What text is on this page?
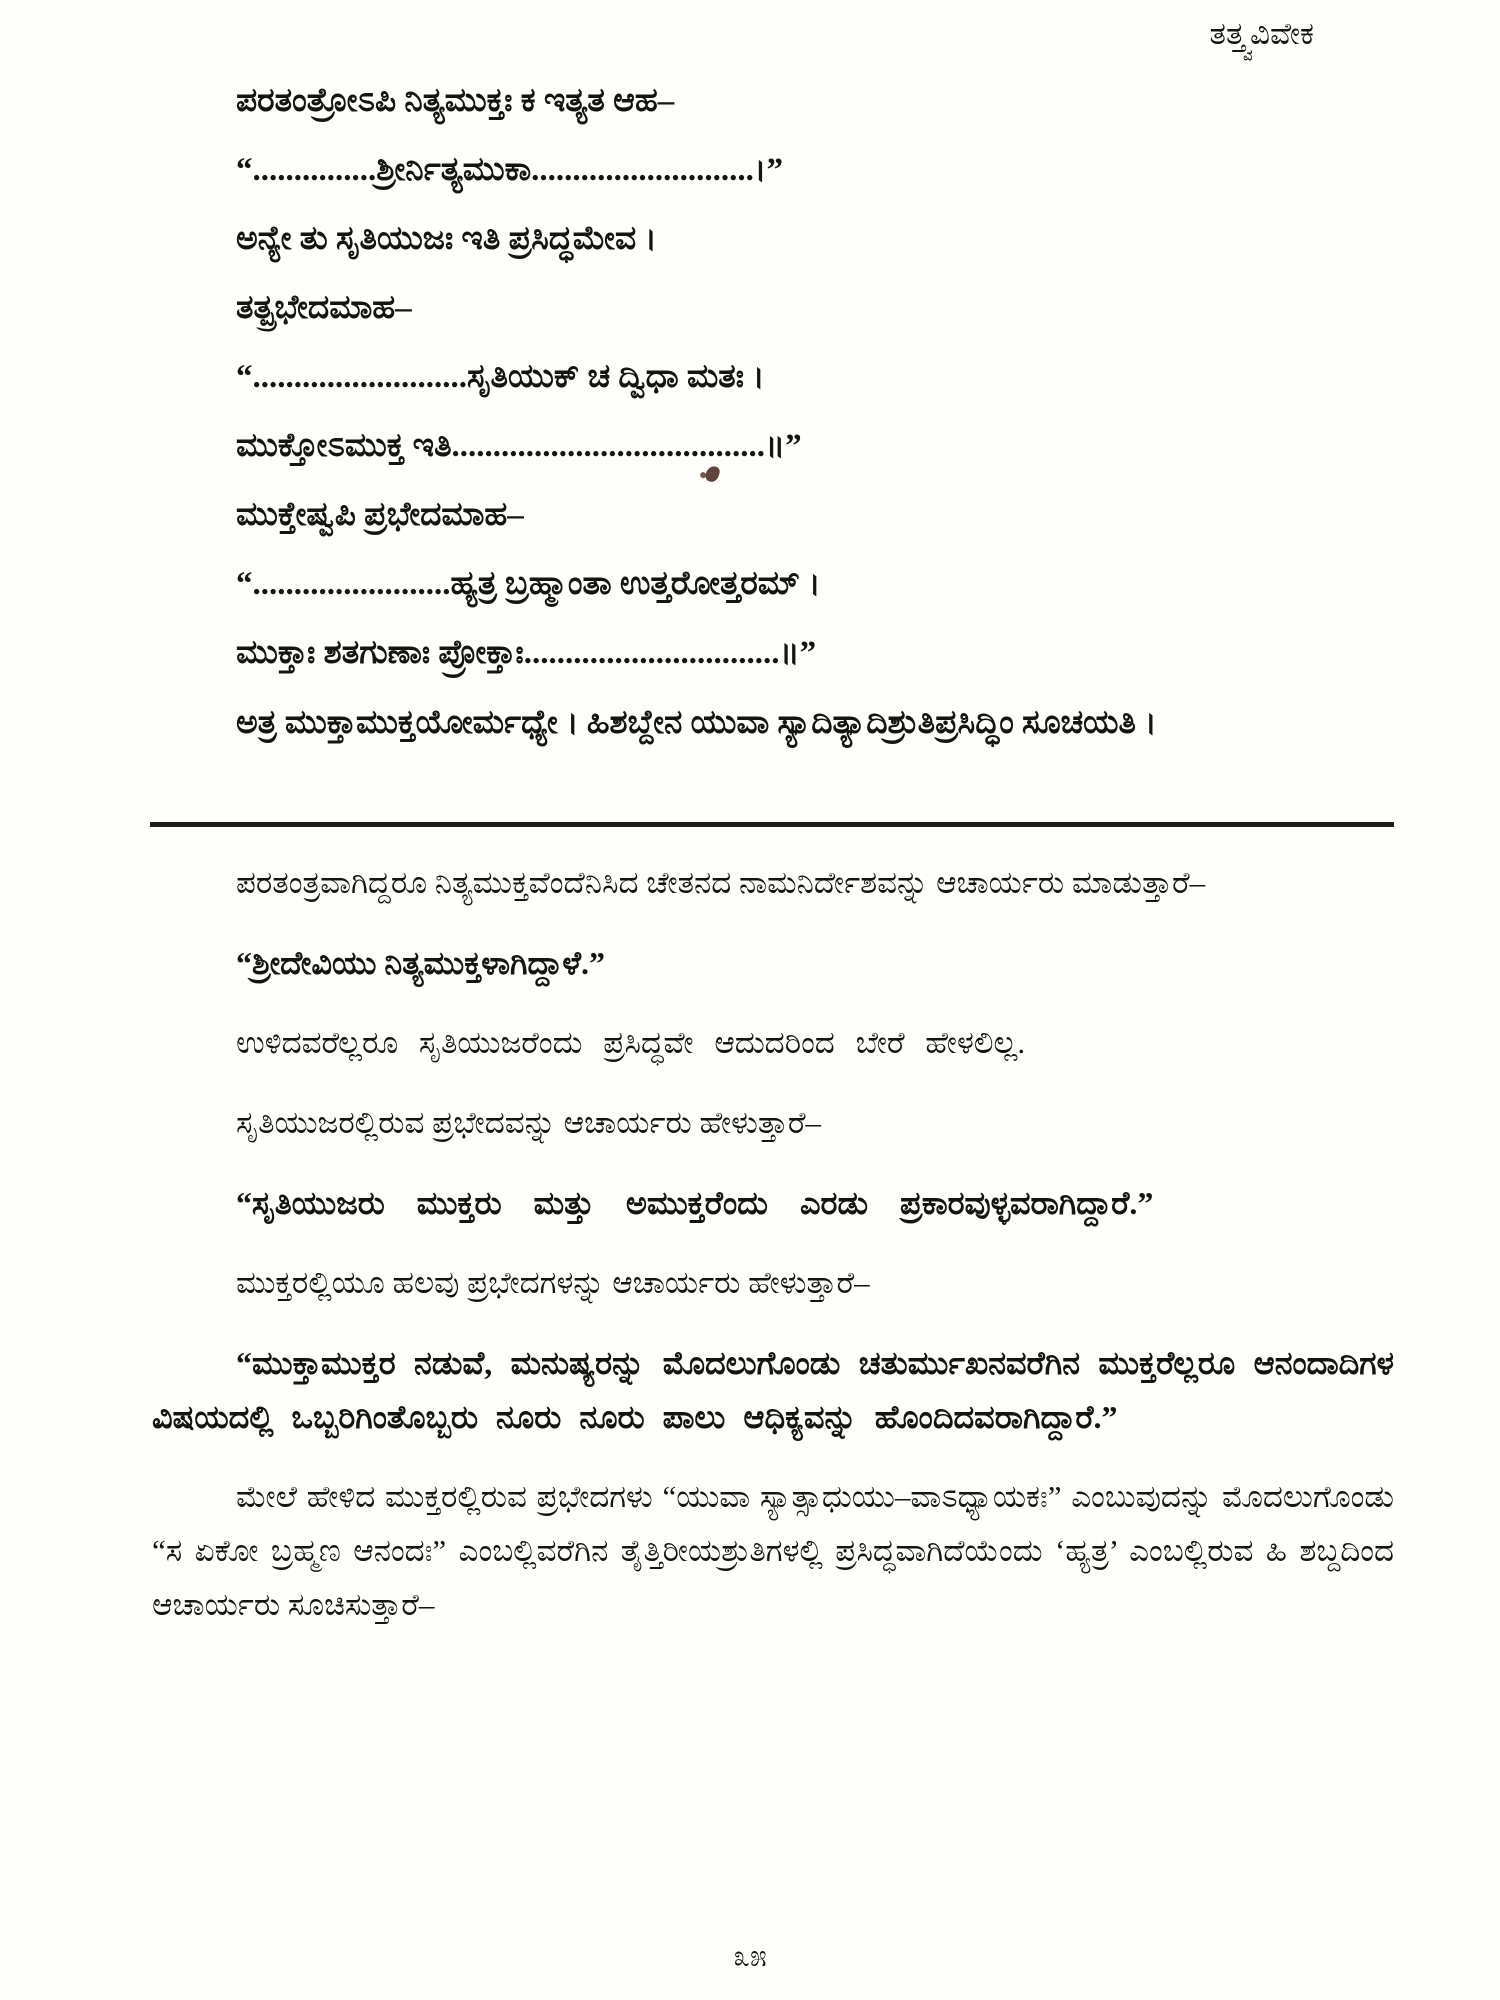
ತತ್ತ್ವವಿವೇಕ
ಪರತಂತ್ರೋಽಪಿ ನಿತ್ಯಮುಕ್ತಃ ಕ ಇತ್ಯತ ಆಹ–
“...............ಶ್ರೀರ್ನಿತ್ಯಮುಕಾ...........................।”
ಅನ್ಯೇ ತು ಸೃತಿಯುಜಃ ಇತಿ ಪ್ರಸಿದ್ಧಮೇವ ।
ತತ್ಪ್ರಭೇದಮಾಹ–
“..........................ಸೃತಿಯುಕ್ ಚ ದ್ವಿಧಾ ಮತಃ ।
ಮುಕ್ತೋಽಮುಕ್ತ ಇತಿ......................................॥”
ಮುಕ್ತೇಷ್ವಪಿ ಪ್ರಭೇದಮಾಹ–
“........................ಹ್ಯತ್ರ ಬ್ರಹ್ಮಾಂತಾ ಉತ್ತರೋತ್ತರಮ್ ।
ಮುಕ್ತಾಃ ಶತಗುಣಾಃ ಪ್ರೋಕ್ತಾಃ...............................॥”
ಅತ್ರ ಮುಕ್ತಾಮುಕ್ತಯೋರ್ಮಧ್ಯೇ । ಹಿಶಬ್ದೇನ ಯುವಾ ಸ್ಯಾದಿತ್ಯಾದಿಶ್ರುತಿಪ್ರಸಿದ್ಧಿಂ ಸೂಚಯತಿ ।

ಪರತಂತ್ರವಾಗಿದ್ದರೂ ನಿತ್ಯಮುಕ್ತವೆಂದೆನಿಸಿದ ಚೇತನದ ನಾಮನಿರ್ದೇಶವನ್ನು ಆಚಾರ್ಯರು ಮಾಡುತ್ತಾರೆ–

“ಶ್ರೀದೇವಿಯು ನಿತ್ಯಮುಕ್ತಳಾಗಿದ್ದಾಳೆ.”

ಉಳಿದವರೆಲ್ಲರೂ ಸೃತಿಯುಜರೆಂದು ಪ್ರಸಿದ್ಧವೇ ಆದುದರಿಂದ ಬೇರೆ ಹೇಳಲಿಲ್ಲ.

ಸೃತಿಯುಜರಲ್ಲಿರುವ ಪ್ರಭೇದವನ್ನು ಆಚಾರ್ಯರು ಹೇಳುತ್ತಾರೆ–

“ಸೃತಿಯುಜರು ಮುಕ್ತರು ಮತ್ತು ಅಮುಕ್ತರೆಂದು ಎರಡು ಪ್ರಕಾರವುಳ್ಳವರಾಗಿದ್ದಾರೆ.”

ಮುಕ್ತರಲ್ಲಿಯೂ ಹಲವು ಪ್ರಭೇದಗಳನ್ನು ಆಚಾರ್ಯರು ಹೇಳುತ್ತಾರೆ–

“ಮುಕ್ತಾಮುಕ್ತರ ನಡುವೆ, ಮನುಷ್ಯರನ್ನು ಮೊದಲುಗೊಂಡು ಚತುರ್ಮುಖನವರೆಗಿನ ಮುಕ್ತರೆಲ್ಲರೂ ಆನಂದಾದಿಗಳ ವಿಷಯದಲ್ಲಿ ಒಬ್ಬರಿಗಿಂತೊಬ್ಬರು ನೂರು ನೂರು ಪಾಲು ಆಧಿಕ್ಯವನ್ನು ಹೊಂದಿದವರಾಗಿದ್ದಾರೆ.”

ಮೇಲೆ ಹೇಳಿದ ಮುಕ್ತರಲ್ಲಿರುವ ಪ್ರಭೇದಗಳು “ಯುವಾ ಸ್ಯಾತ್ಸಾಧುಯು–ವಾಽಧ್ಯಾಯಕಃ” ಎಂಬುವುದನ್ನು ಮೊದಲುಗೊಂಡು “ಸ ಏಕೋ ಬ್ರಹ್ಮಣ ಆನಂದಃ” ಎಂಬಲ್ಲಿವರೆಗಿನ ತೈತ್ತಿರೀಯಶ್ರುತಿಗಳಲ್ಲಿ ಪ್ರಸಿದ್ಧವಾಗಿದೆಯೆಂದು ‘ಹ್ಯತ್ರ’ ಎಂಬಲ್ಲಿರುವ ಹಿ ಶಬ್ದದಿಂದ ಆಚಾರ್ಯರು ಸೂಚಿಸುತ್ತಾರೆ–

೩೫
